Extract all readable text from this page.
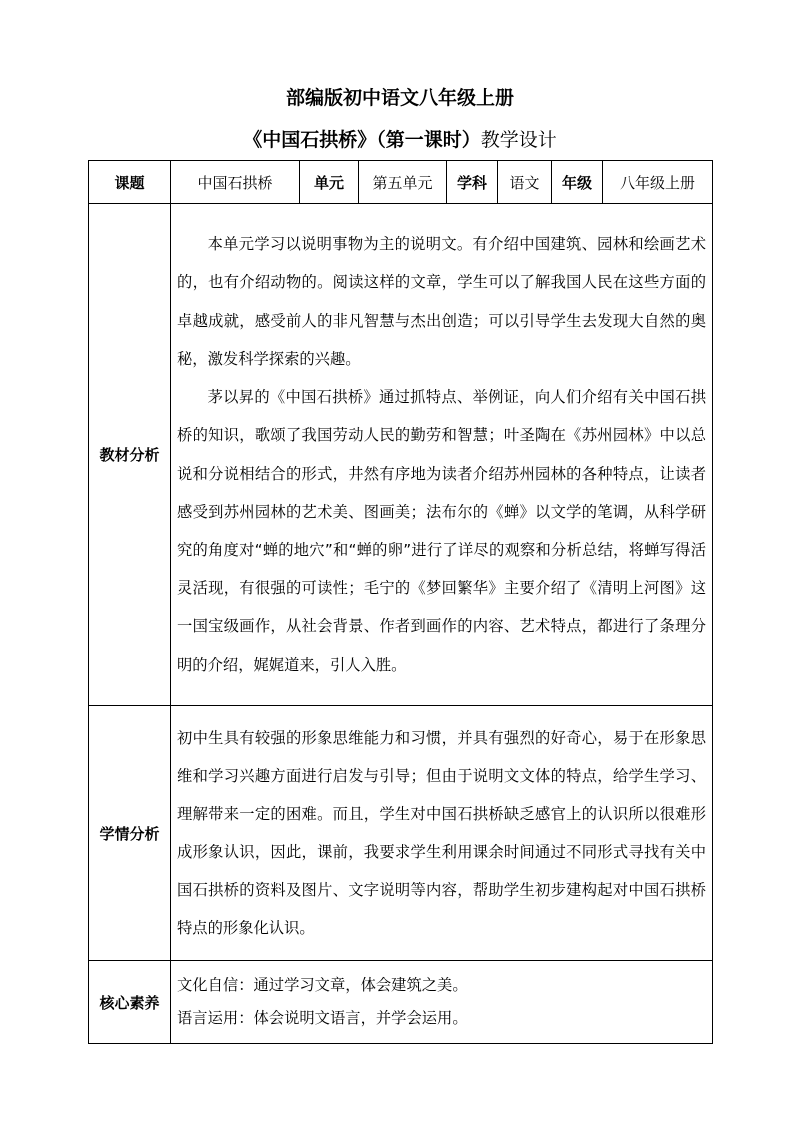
部编版初中语文八年级上册
《中国石拱桥》（第一课时）教学设计
课题	中国石拱桥	单元	第五单元	学科	语文	年级	八年级上册
教材分析	本单元学习以说明事物为主的说明文。有介绍中国建筑、园林和绘画艺术的，也有介绍动物的。阅读这样的文章，学生可以了解我国人民在这些方面的卓越成就，感受前人的非凡智慧与杰出创造；可以引导学生去发现大自然的奥秘，激发科学探索的兴趣。

茅以昇的《中国石拱桥》通过抓特点、举例证，向人们介绍有关中国石拱桥的知识，歌颂了我国劳动人民的勤劳和智慧；叶圣陶在《苏州园林》中以总说和分说相结合的形式，井然有序地为读者介绍苏州园林的各种特点，让读者感受到苏州园林的艺术美、图画美；法布尔的《蝉》以文学的笔调，从科学研究的角度对“蝉的地穴”和“蝉的卵”进行了详尽的观察和分析总结，将蝉写得活灵活现，有很强的可读性；毛宁的《梦回繁华》主要介绍了《清明上河图》这一国宝级画作，从社会背景、作者到画作的内容、艺术特点，都进行了条理分明的介绍，娓娓道来，引人入胜。						

学情分析	初中生具有较强的形象思维能力和习惯，并具有强烈的好奇心，易于在形象思维和学习兴趣方面进行启发与引导；但由于说明文文体的特点，给学生学习、理解带来一定的困难。而且，学生对中国石拱桥缺乏感官上的认识所以很难形成形象认识，因此，课前，我要求学生利用课余时间通过不同形式寻找有关中国石拱桥的资料及图片、文字说明等内容，帮助学生初步建构起对中国石拱桥特点的形象化认识。						

核心素养	文化自信：通过学习文章，体会建筑之美。

语言运用：体会说明文语言，并学会运用。						
